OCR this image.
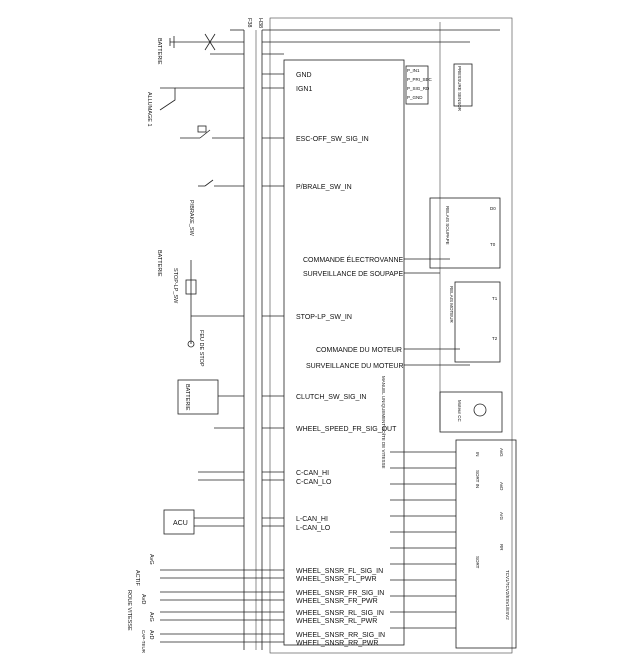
F38 H38
BATTERIE
GND
ALLUMAGE 1
IGN1
ESC-OFF_SW_SIG_IN
P/BRAKE_SW
P/BRALE_SW_IN
COMMANDE ÉLECTROVANNE
SURVEILLANCE DE SOUPAPE
RELAIS SOUPAPE	D0
T0
RELAIS MOTEUR	T1
T2
COMMANDE DU MOTEUR
SURVEILLANCE DU MOTEUR
P_IN1
P_PRI_SEC
P_SIG_RD
P_GND	PRESSURE SENSOR
BATTERIE
STOP-LP_SW
FEU DE STOP
STOP-LP_SW_IN
BATTERIE	CLUTCH_SW_SIG_IN	MANUEL UNIQUEMENT BOÎTE DE VITESSE	Moteur CC
WHEEL_SPEED_FR_SIG_OUT
C-CAN_HI
C-CAN_LO
ACU
L-CAN_HI
L-CAN_LO
AvG
ACTIF
ROUE VITESSE AvD
ArG
ArD
CAP-TEUR
WHEEL_SNSR_FL_SIG_IN
WHEEL_SNSR_FL_PWR
WHEEL_SNSR_FR_SIG_IN
WHEEL_SNSR_FR_PWR
WHEEL_SNSR_RL_SIG_IN
WHEEL_SNSR_RL_PWR
WHEEL_SNSR_RR_SIG_IN
WHEEL_SNSR_RR_PWR
TCV1/TCV2/ESV1/ESV2
AvG
AvD
ArG
RR
IN
SORT IN
SORT
